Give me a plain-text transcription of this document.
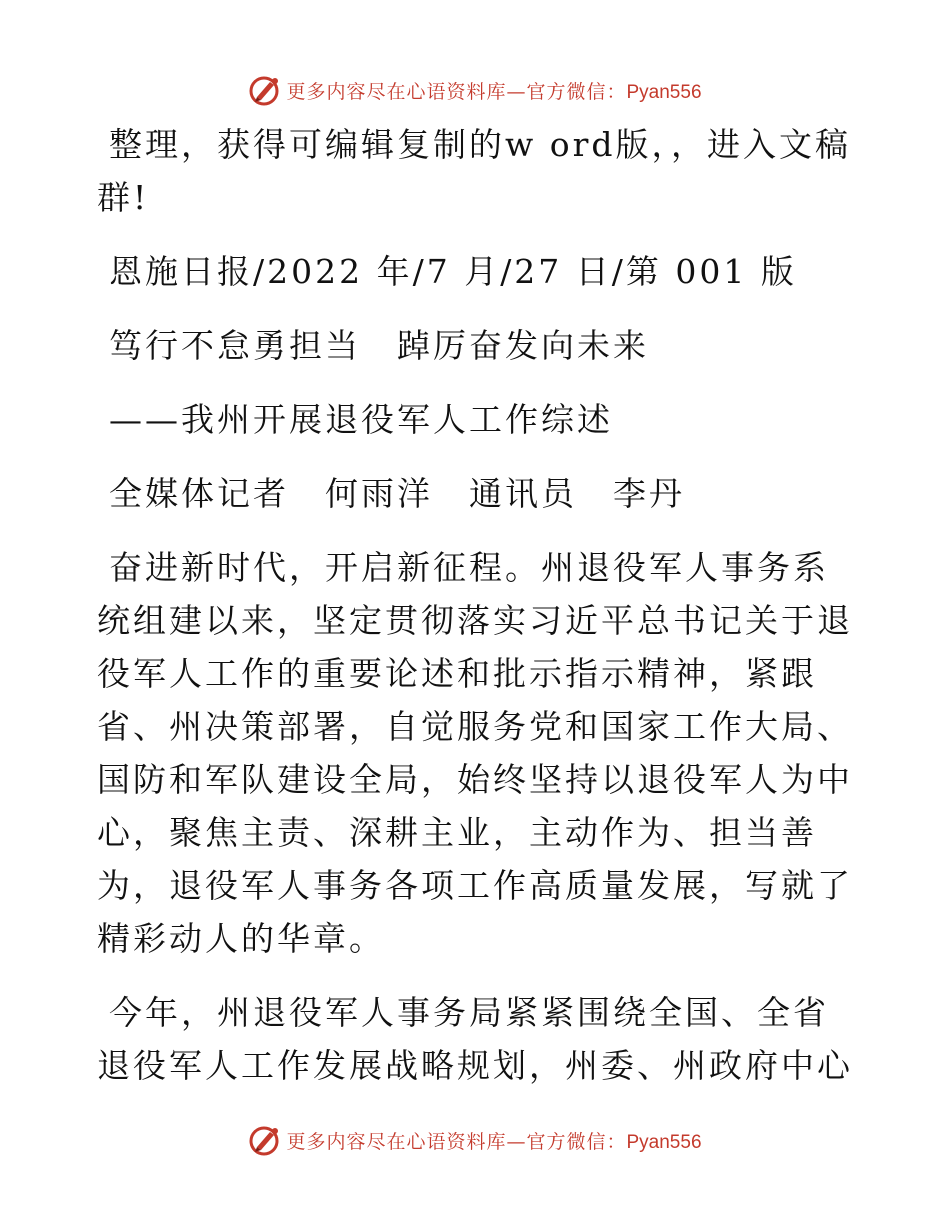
更多内容尽在心语资料库—官方微信：Pyan556

整理，获得可编辑复制的w ord版，，进入文稿群!

恩施日报/2022 年/7 月/27 日/第 001 版

笃行不怠勇担当　踔厉奋发向未来

——我州开展退役军人工作综述

全媒体记者　何雨洋　通讯员　李丹

奋进新时代，开启新征程。州退役军人事务系统组建以来，坚定贯彻落实习近平总书记关于退役军人工作的重要论述和批示指示精神，紧跟省、州决策部署，自觉服务党和国家工作大局、国防和军队建设全局，始终坚持以退役军人为中心，聚焦主责、深耕主业，主动作为、担当善为，退役军人事务各项工作高质量发展，写就了精彩动人的华章。

今年，州退役军人事务局紧紧围绕全国、全省退役军人工作发展战略规划，州委、州政府中心

更多内容尽在心语资料库—官方微信：Pyan556
